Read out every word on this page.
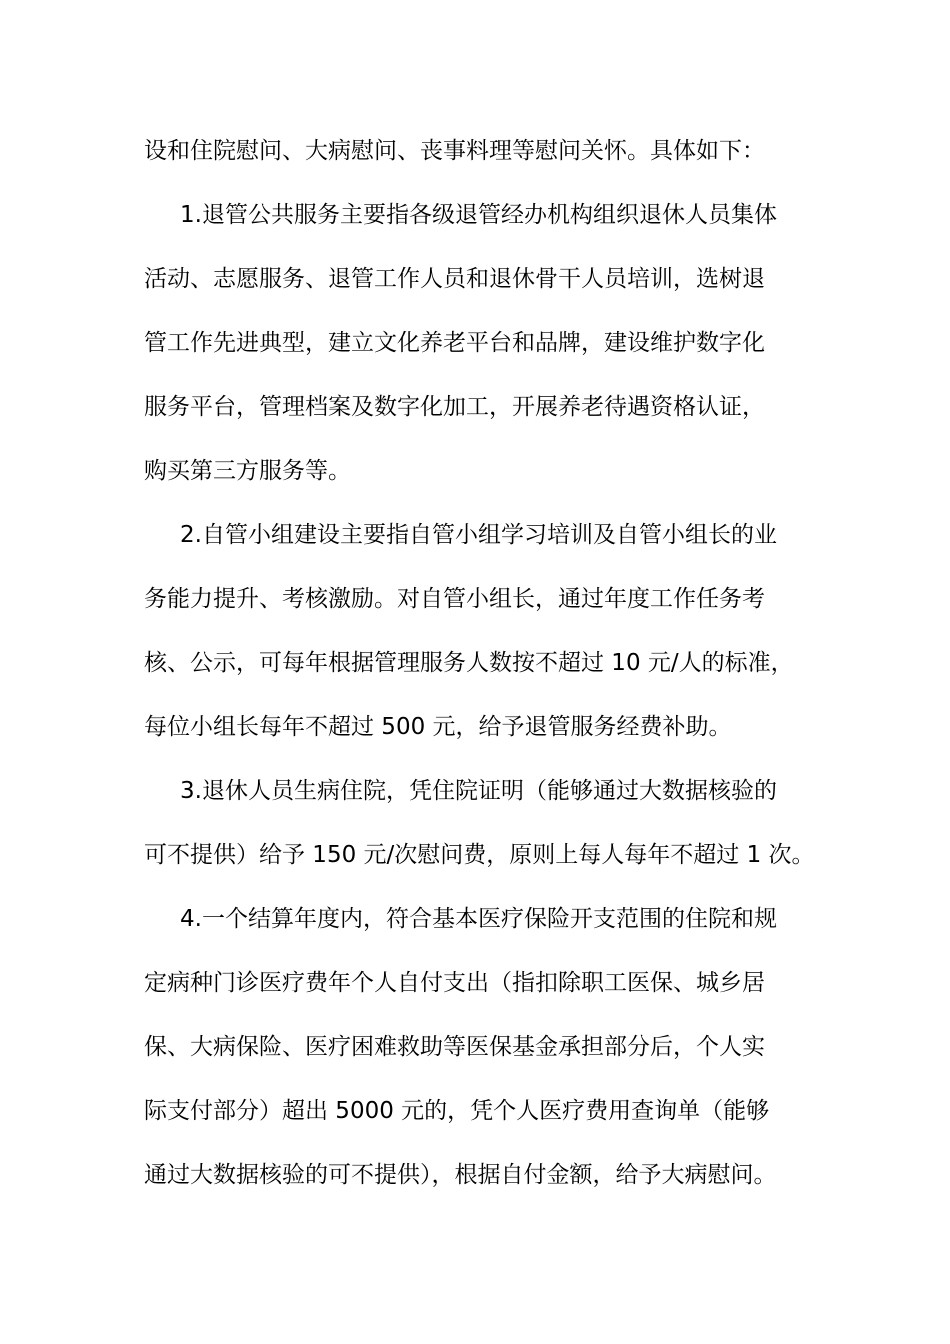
设和住院慰问、大病慰问、丧事料理等慰问关怀。具体如下：
1.退管公共服务主要指各级退管经办机构组织退休人员集体
活动、志愿服务、退管工作人员和退休骨干人员培训，选树退
管工作先进典型，建立文化养老平台和品牌，建设维护数字化
服务平台，管理档案及数字化加工，开展养老待遇资格认证，
购买第三方服务等。
2.自管小组建设主要指自管小组学习培训及自管小组长的业
务能力提升、考核激励。对自管小组长，通过年度工作任务考
核、公示，可每年根据管理服务人数按不超过 10 元/人的标准，
每位小组长每年不超过 500 元，给予退管服务经费补助。
3.退休人员生病住院，凭住院证明（能够通过大数据核验的
可不提供）给予 150 元/次慰问费，原则上每人每年不超过 1 次。
4.一个结算年度内，符合基本医疗保险开支范围的住院和规
定病种门诊医疗费年个人自付支出（指扣除职工医保、城乡居
保、大病保险、医疗困难救助等医保基金承担部分后，个人实
际支付部分）超出 5000 元的，凭个人医疗费用查询单（能够
通过大数据核验的可不提供），根据自付金额，给予大病慰问。
